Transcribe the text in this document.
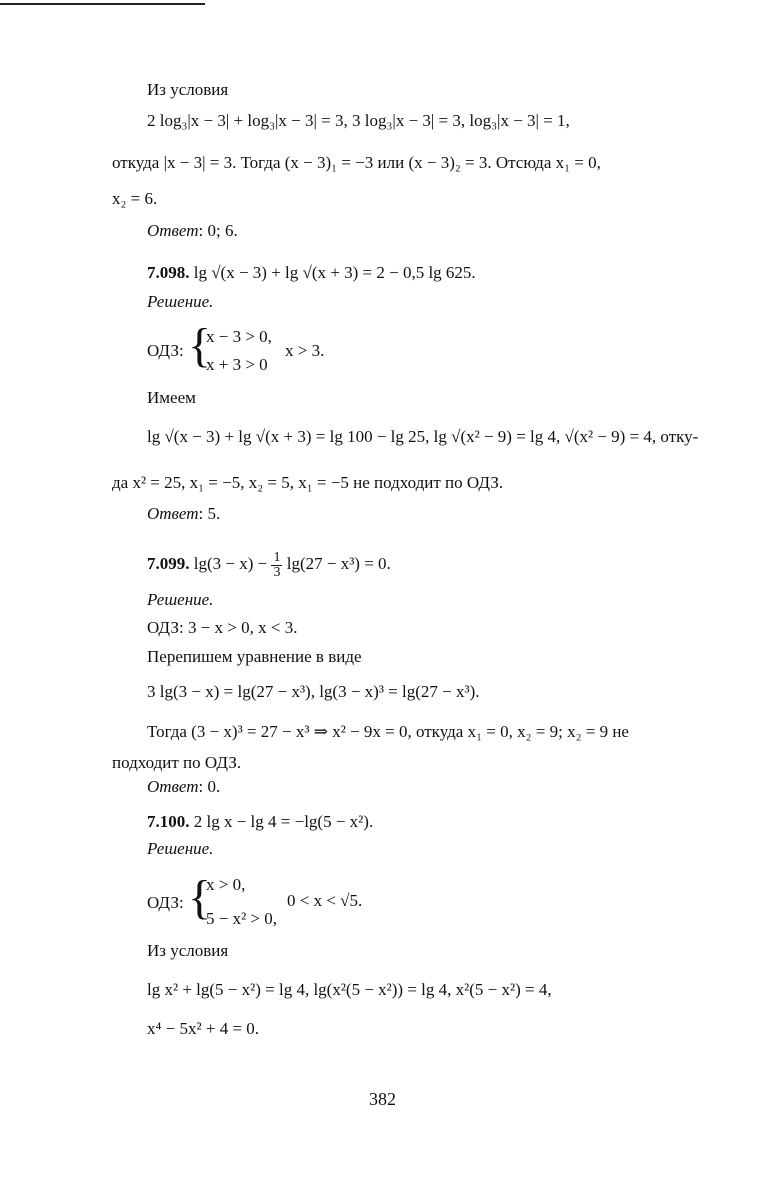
Из условия
2 log₃|x − 3| + log₃|x − 3| = 3, 3 log₃|x − 3| = 3, log₃|x − 3| = 1,
откуда |x − 3| = 3. Тогда (x − 3)₁ = −3 или (x − 3)₂ = 3. Отсюда x₁ = 0,
x₂ = 6.
Ответ: 0; 6.
7.098. lg √(x − 3) + lg √(x + 3) = 2 − 0,5 lg 625.
Решение.
ОДЗ: {
x − 3 > 0,
x + 3 > 0
x > 3.
Имеем
lg √(x − 3) + lg √(x + 3) = lg 100 − lg 25, lg √(x² − 9) = lg 4, √(x² − 9) = 4, отку-
да x² = 25, x₁ = −5, x₂ = 5, x₁ = −5 не подходит по ОДЗ.
Ответ: 5.
7.099. $\lg(3 - x) - \frac{1}{3} \lg(27 - x^3) = 0$.
Решение.
ОДЗ: 3 − x > 0, x < 3.
Перепишем уравнение в виде
3 lg(3 − x) = lg(27 − x³), lg(3 − x)³ = lg(27 − x³).
Тогда (3 − x)³ = 27 − x³ ⇒ x² − 9x = 0, откуда x₁ = 0, x₂ = 9; x₂ = 9 не
подходит по ОДЗ.
Ответ: 0.
7.100. 2 lg x − lg 4 = −lg(5 − x²).
Решение.
ОДЗ: {
x > 0,
5 − x² > 0,
0 < x < √5.
Из условия
lg x² + lg(5 − x²) = lg 4, lg(x²(5 − x²)) = lg 4, x²(5 − x²) = 4,
x⁴ − 5x² + 4 = 0.
382
